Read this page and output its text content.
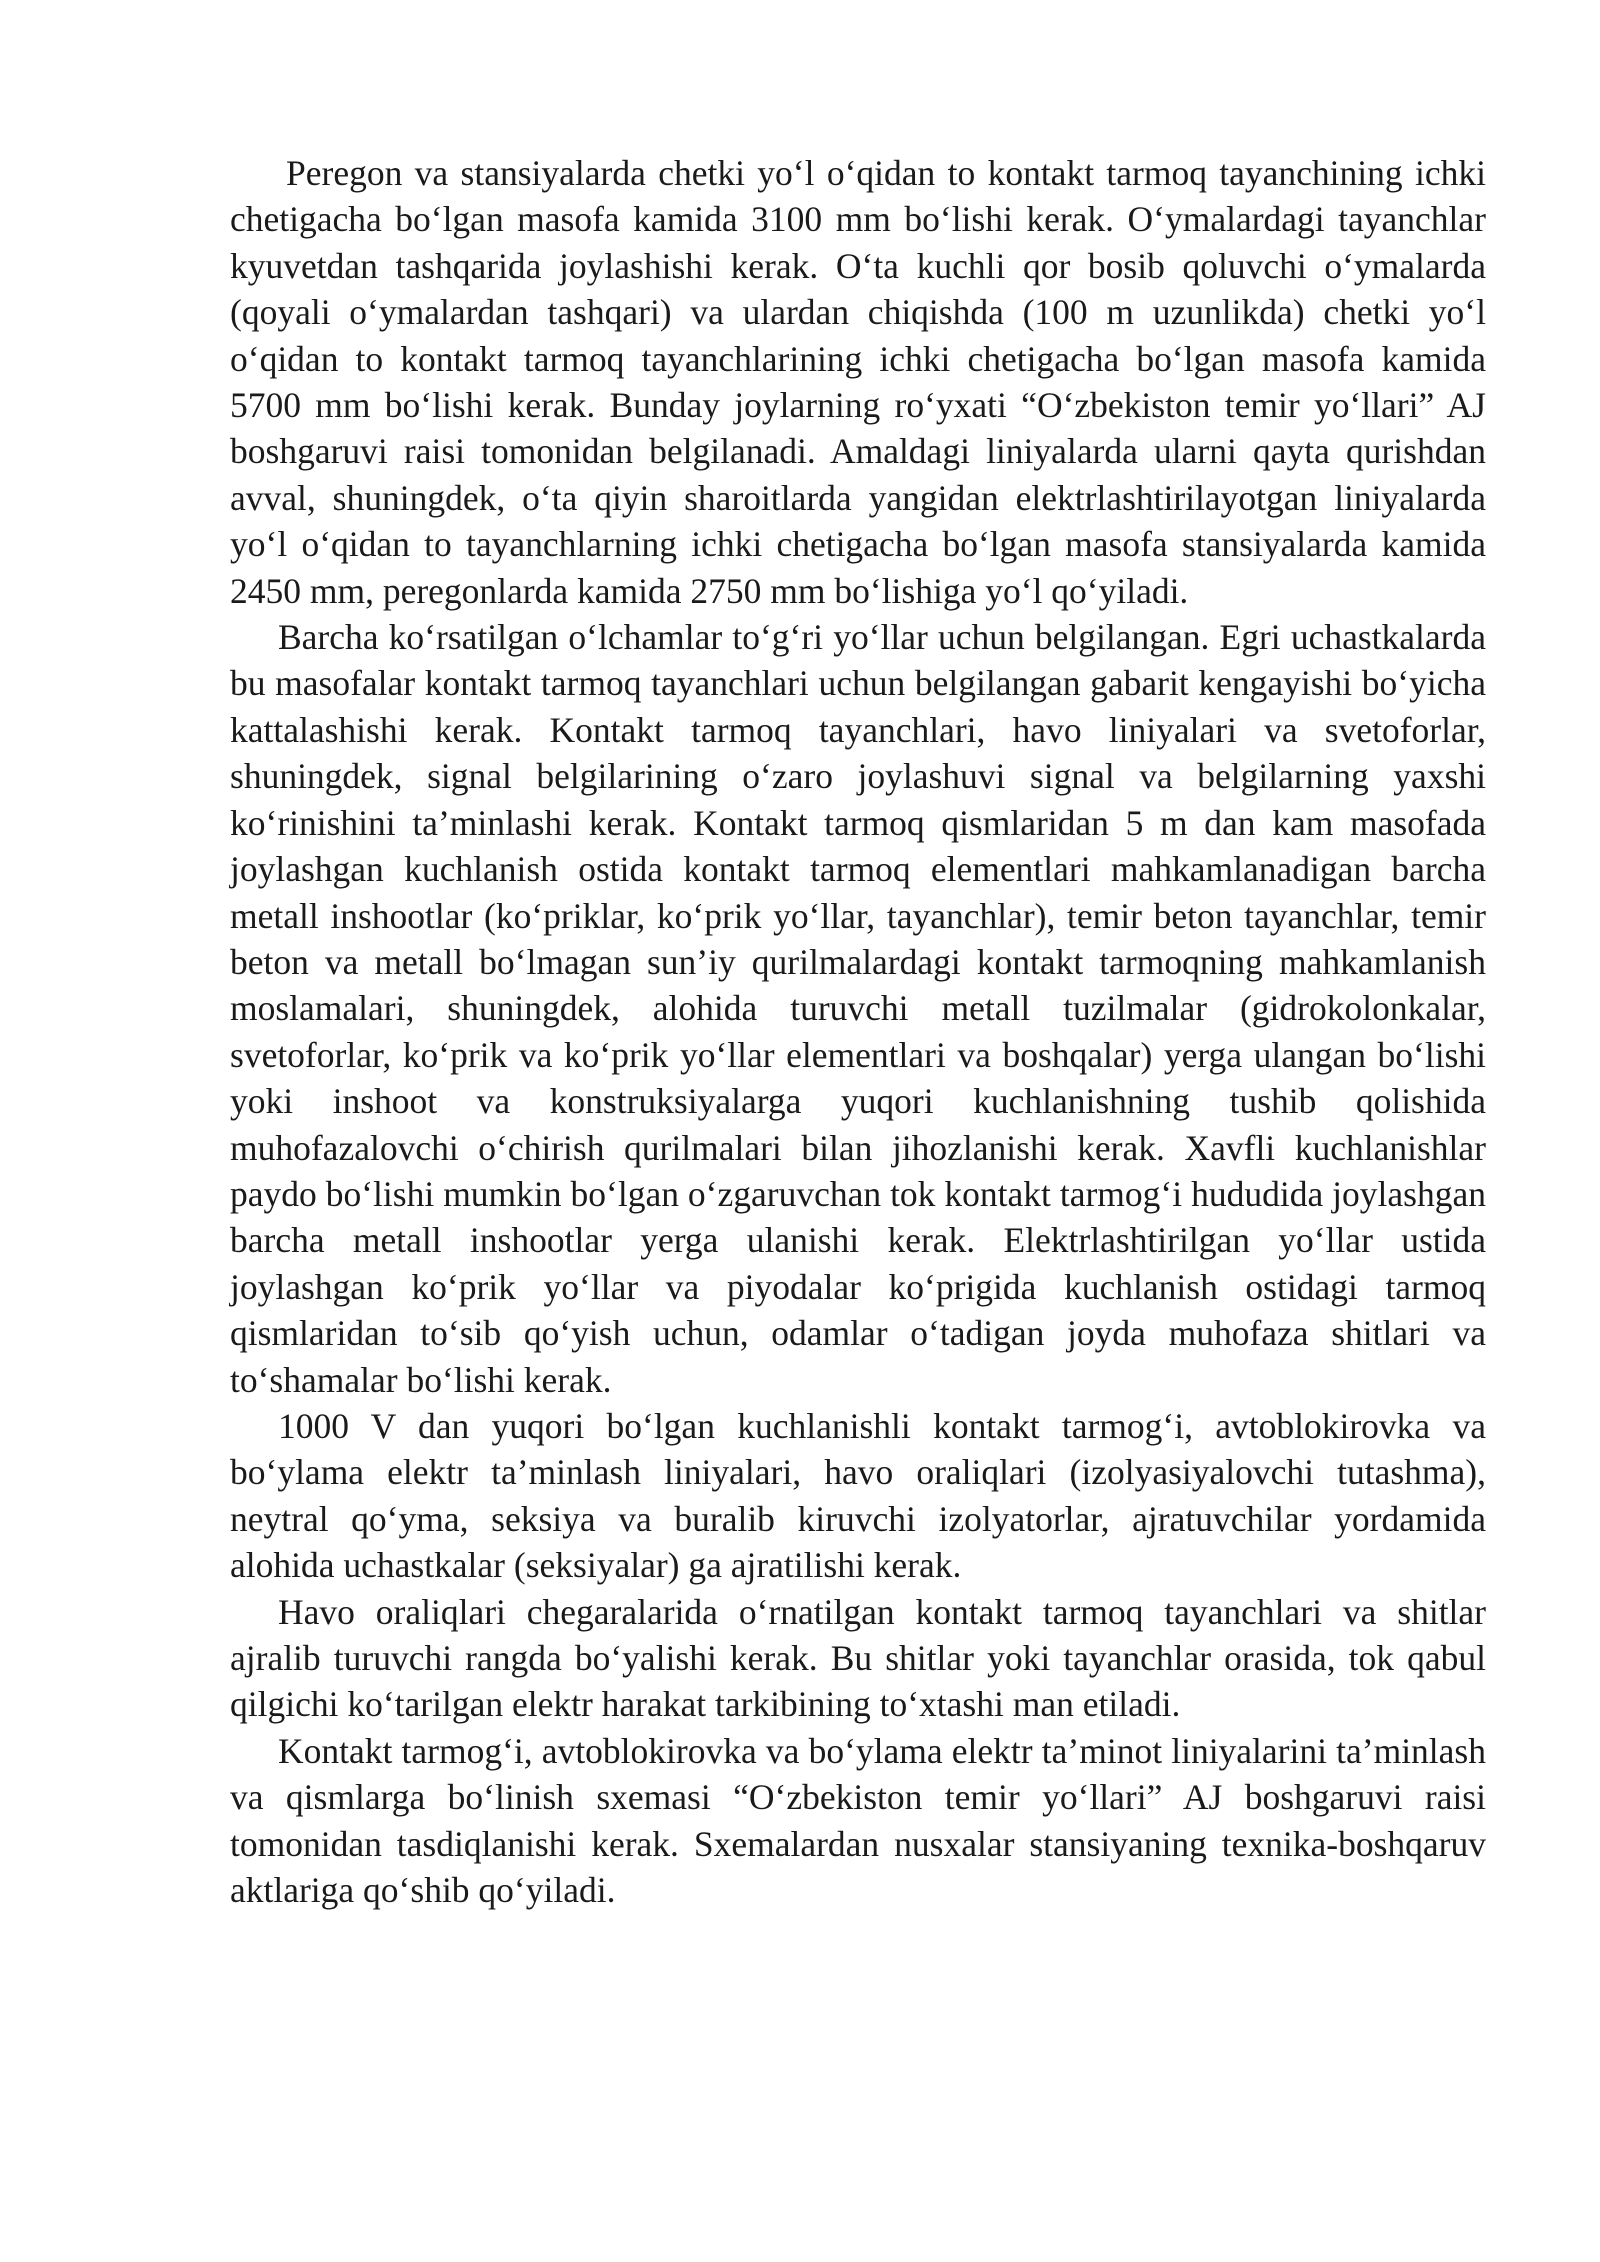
Peregon va stansiyalarda chetki yo‘l o‘qidan to kontakt tarmoq tayanchining ichki chetigacha bo‘lgan masofa kamida 3100 mm bo‘lishi kerak. O‘ymalardagi tayanchlar kyuvetdan tashqarida joylashishi kerak. O‘ta kuchli qor bosib qoluvchi o‘ymalarda (qoyali o‘ymalardan tashqari) va ulardan chiqishda (100 m uzunlikda) chetki yo‘l o‘qidan to kontakt tarmoq tayanchlarining ichki chetigacha bo‘lgan masofa kamida 5700 mm bo‘lishi kerak. Bunday joylarning ro‘yxati “O‘zbekiston temir yo‘llari” AJ boshgaruvi raisi tomonidan belgilanadi. Amaldagi liniyalarda ularni qayta qurishdan avval, shuningdek, o‘ta qiyin sharoitlarda yangidan elektrlashtirilayotgan liniyalarda yo‘l o‘qidan to tayanchlarning ichki chetigacha bo‘lgan masofa stansiyalarda kamida 2450 mm, peregonlarda kamida 2750 mm bo‘lishiga yo‘l qo‘yiladi.

Barcha ko‘rsatilgan o‘lchamlar to‘g‘ri yo‘llar uchun belgilangan. Egri uchastkalarda bu masofalar kontakt tarmoq tayanchlari uchun belgilangan gabarit kengayishi bo‘yicha kattalashishi kerak. Kontakt tarmoq tayanchlari, havo liniyalari va svetoforlar, shuningdek, signal belgilarining o‘zaro joylashuvi signal va belgilarning yaxshi ko‘rinishini ta’minlashi kerak. Kontakt tarmoq qismlaridan 5 m dan kam masofada joylashgan kuchlanish ostida kontakt tarmoq elementlari mahkamlanadigan barcha metall inshootlar (ko‘priklar, ko‘prik yo‘llar, tayanchlar), temir beton tayanchlar, temir beton va metall bo‘lmagan sun’iy qurilmalardagi kontakt tarmoqning mahkamlanish moslamalari, shuningdek, alohida turuvchi metall tuzilmalar (gidrokolonkalar, svetoforlar, ko‘prik va ko‘prik yo‘llar elementlari va boshqalar) yerga ulangan bo‘lishi yoki inshoot va konstruksiyalarga yuqori kuchlanishning tushib qolishida muhofazalovchi o‘chirish qurilmalari bilan jihozlanishi kerak. Xavfli kuchlanishlar paydo bo‘lishi mumkin bo‘lgan o‘zgaruvchan tok kontakt tarmog‘i hududida joylashgan barcha metall inshootlar yerga ulanishi kerak. Elektrlashtirilgan yo‘llar ustida joylashgan ko‘prik yo‘llar va piyodalar ko‘prigida kuchlanish ostidagi tarmoq qismlaridan to‘sib qo‘yish uchun, odamlar o‘tadigan joyda muhofaza shitlari va to‘shamalar bo‘lishi kerak.

1000 V dan yuqori bo‘lgan kuchlanishli kontakt tarmog‘i, avtoblokirovka va bo‘ylama elektr ta’minlash liniyalari, havo oraliqlari (izolyasiyalovchi tutashma), neytral qo‘yma, seksiya va buralib kiruvchi izolyatorlar, ajratuvchilar yordamida alohida uchastkalar (seksiyalar) ga ajratilishi kerak.

Havo oraliqlari chegaralarida o‘rnatilgan kontakt tarmoq tayanchlari va shitlar ajralib turuvchi rangda bo‘yalishi kerak. Bu shitlar yoki tayanchlar orasida, tok qabul qilgichi ko‘tarilgan elektr harakat tarkibining to‘xtashi man etiladi.

Kontakt tarmog‘i, avtoblokirovka va bo‘ylama elektr ta’minot liniyalarini ta’minlash va qismlarga bo‘linish sxemasi “O‘zbekiston temir yo‘llari” AJ boshgaruvi raisi tomonidan tasdiqlanishi kerak. Sxemalardan nusxalar stansiyaning texnika-boshqaruv aktlariga qo‘shib qo‘yiladi.
